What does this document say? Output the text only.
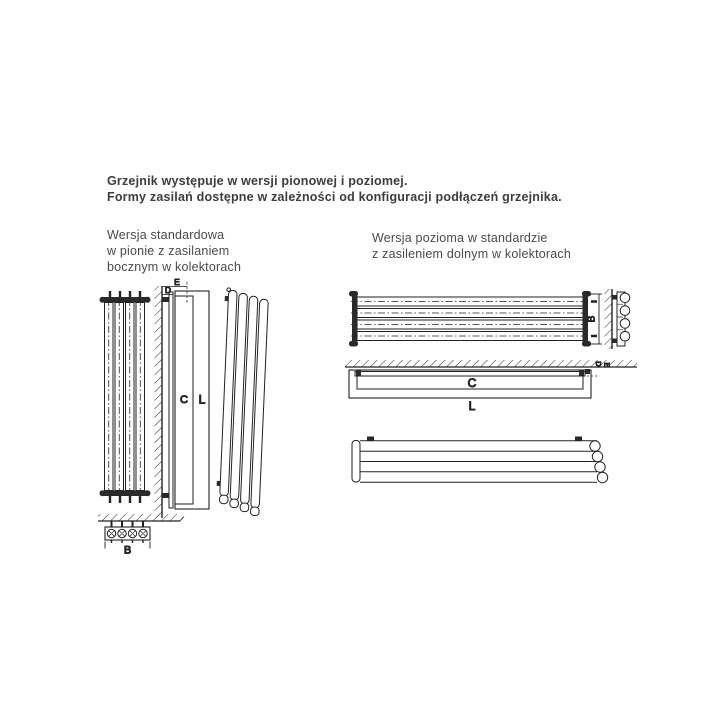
Grzejnik występuje w wersji pionowej i poziomej.
Formy zasilań dostępne w zależności od konfiguracji podłączeń grzejnika.
Wersja standardowa
w pionie z zasilaniem
bocznym w kolektorach
Wersja pozioma w standardzie
z zasileniem dolnym w kolektorach
B
E
D
C L
B
C
L
D E
